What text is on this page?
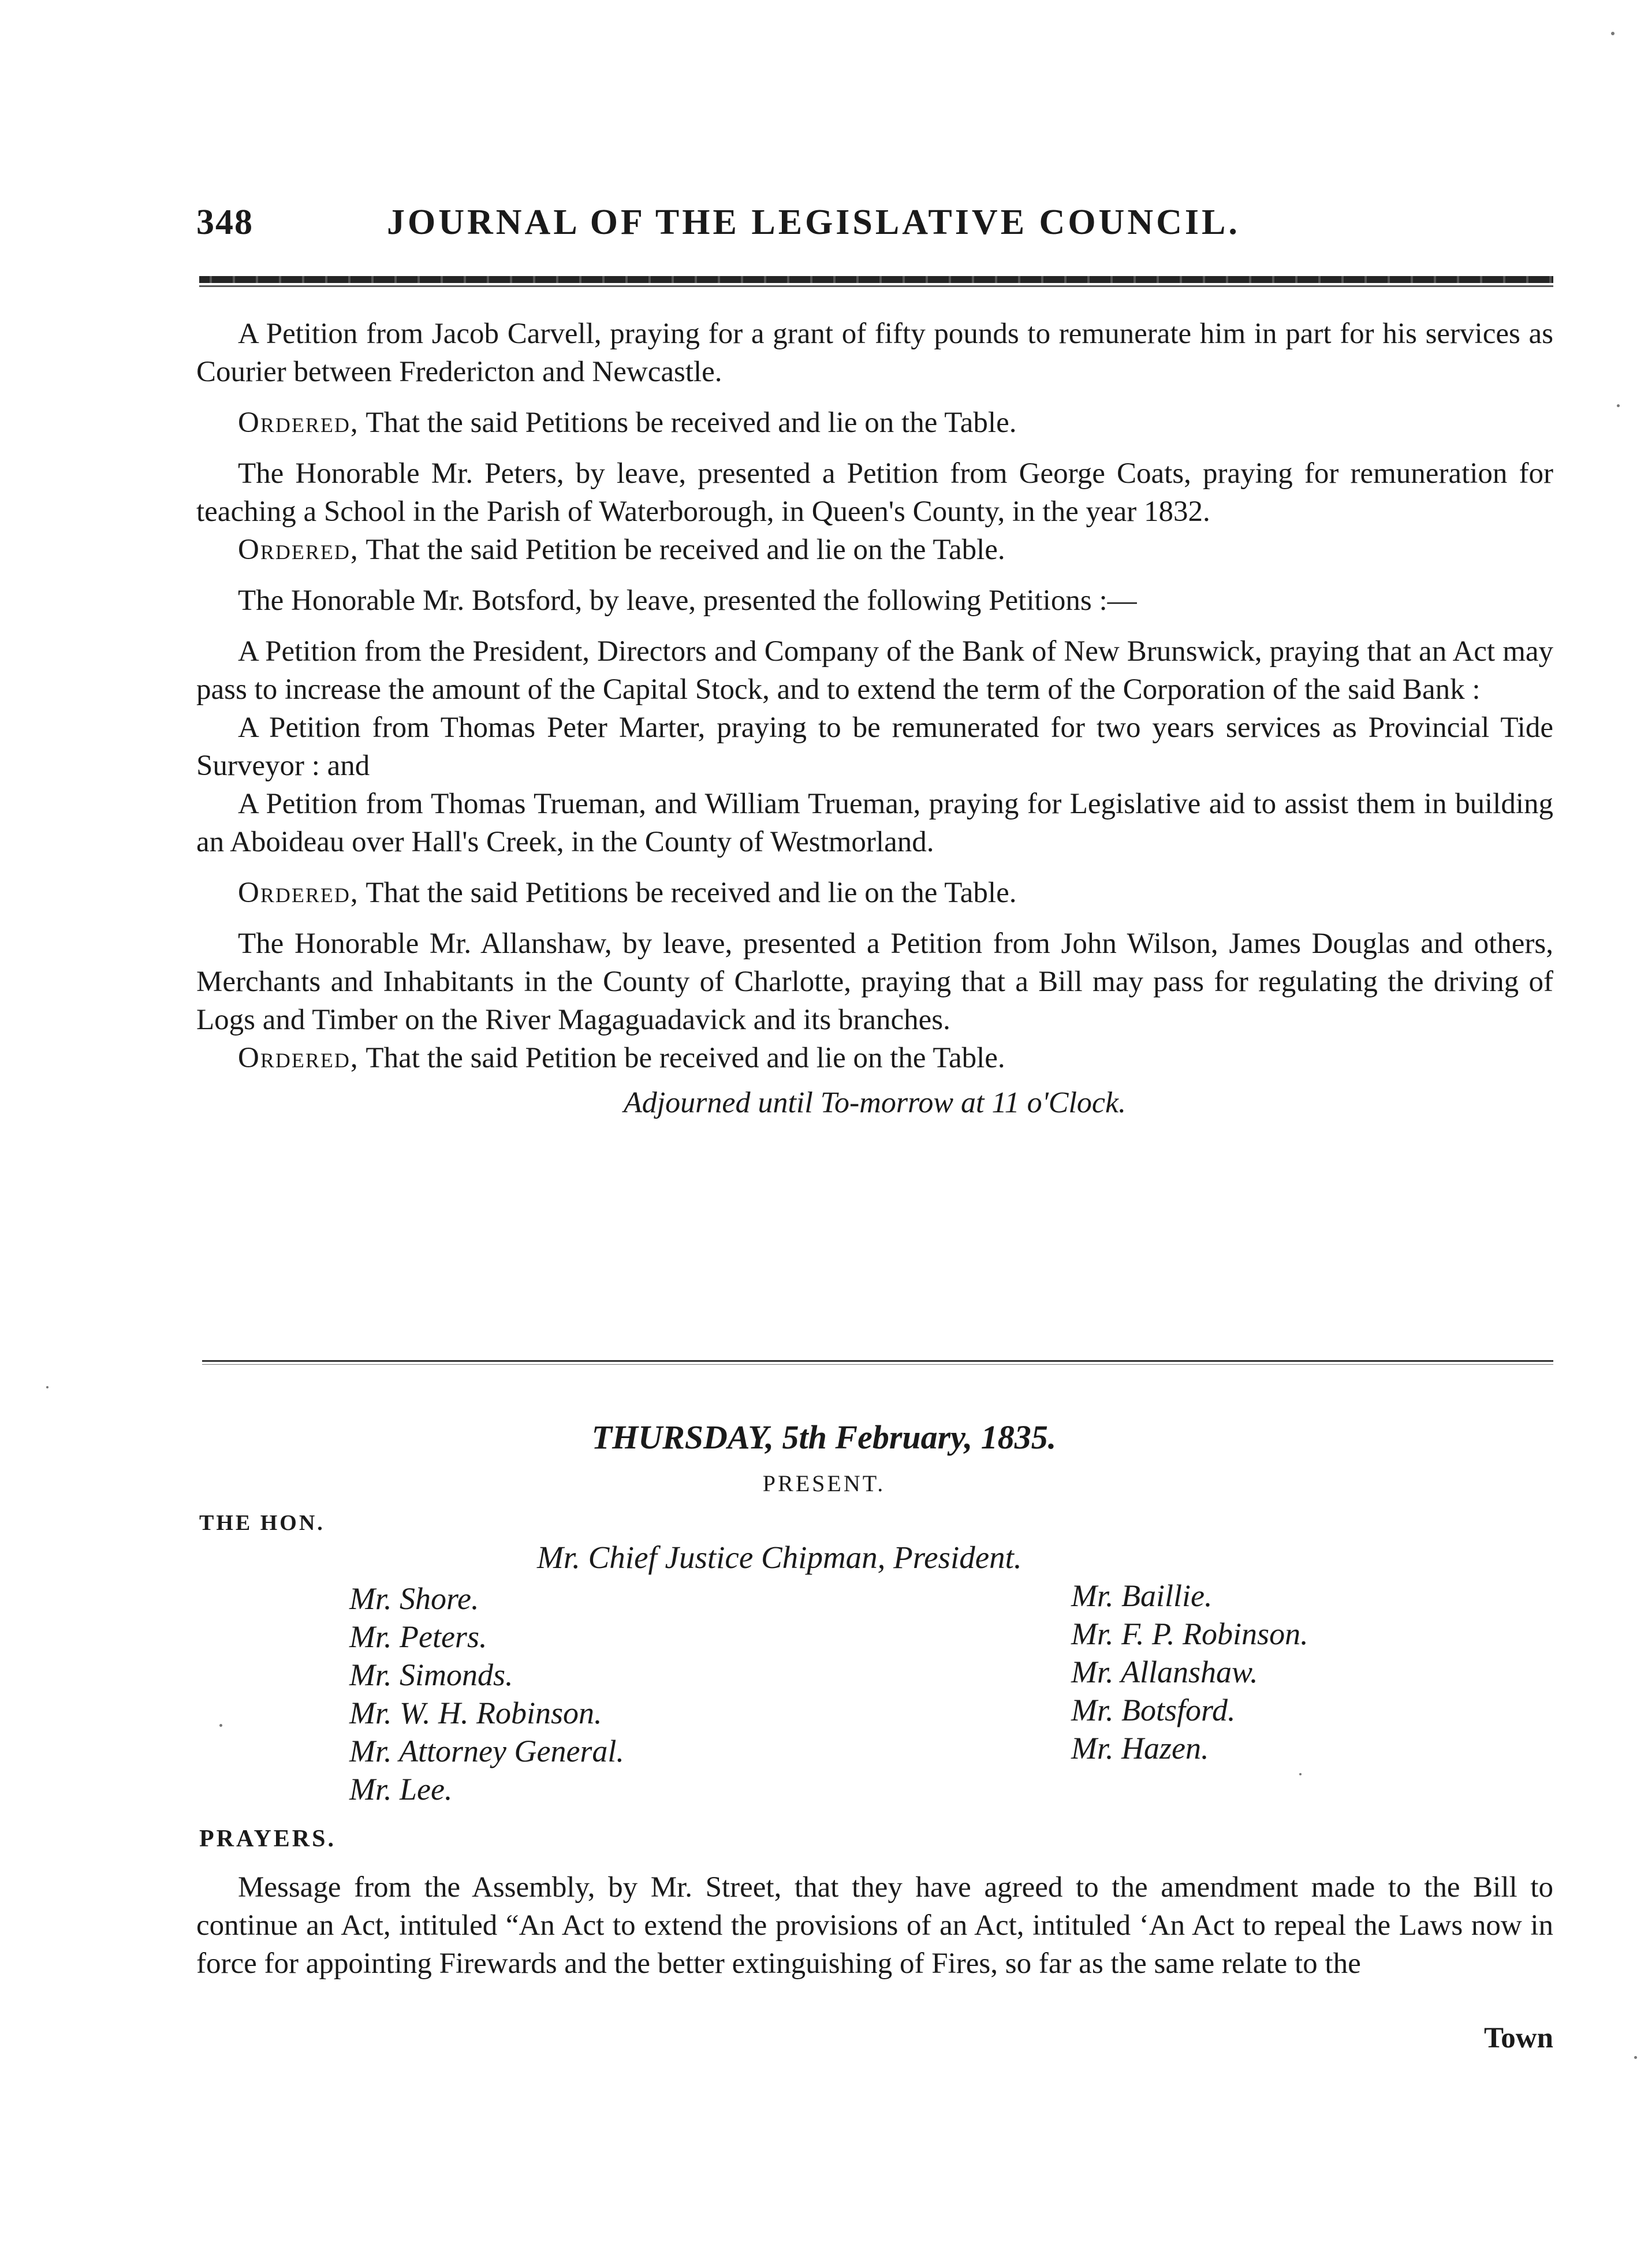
348	JOURNAL OF THE LEGISLATIVE COUNCIL.

A Petition from Jacob Carvell, praying for a grant of fifty pounds to remunerate him in part for his services as Courier between Fredericton and Newcastle.

Ordered, That the said Petitions be received and lie on the Table.

The Honorable Mr. Peters, by leave, presented a Petition from George Coats, praying for remuneration for teaching a School in the Parish of Waterborough, in Queen's County, in the year 1832.

Ordered, That the said Petition be received and lie on the Table.

The Honorable Mr. Botsford, by leave, presented the following Petitions :—

A Petition from the President, Directors and Company of the Bank of New Brunswick, praying that an Act may pass to increase the amount of the Capital Stock, and to extend the term of the Corporation of the said Bank :

A Petition from Thomas Peter Marter, praying to be remunerated for two years services as Provincial Tide Surveyor : and

A Petition from Thomas Trueman, and William Trueman, praying for Legislative aid to assist them in building an Aboideau over Hall's Creek, in the County of Westmorland.

Ordered, That the said Petitions be received and lie on the Table.

The Honorable Mr. Allanshaw, by leave, presented a Petition from John Wilson, James Douglas and others, Merchants and Inhabitants in the County of Charlotte, praying that a Bill may pass for regulating the driving of Logs and Timber on the River Magaguadavick and its branches.

Ordered, That the said Petition be received and lie on the Table.

Adjourned until To-morrow at 11 o'Clock.

THURSDAY, 5th February, 1835.
PRESENT.
THE HON.
Mr. Chief Justice Chipman, President.
Mr. Shore.
Mr. Peters.
Mr. Simonds.
Mr. W. H. Robinson.
Mr. Attorney General.
Mr. Lee.
Mr. Baillie.
Mr. F. P. Robinson.
Mr. Allanshaw.
Mr. Botsford.
Mr. Hazen.
PRAYERS.
Message from the Assembly, by Mr. Street, that they have agreed to the amendment made to the Bill to continue an Act, intituled “An Act to extend the provisions of an Act, intituled ‘An Act to repeal the Laws now in force for appointing Firewards and the better extinguishing of Fires, so far as the same relate to the
Town
